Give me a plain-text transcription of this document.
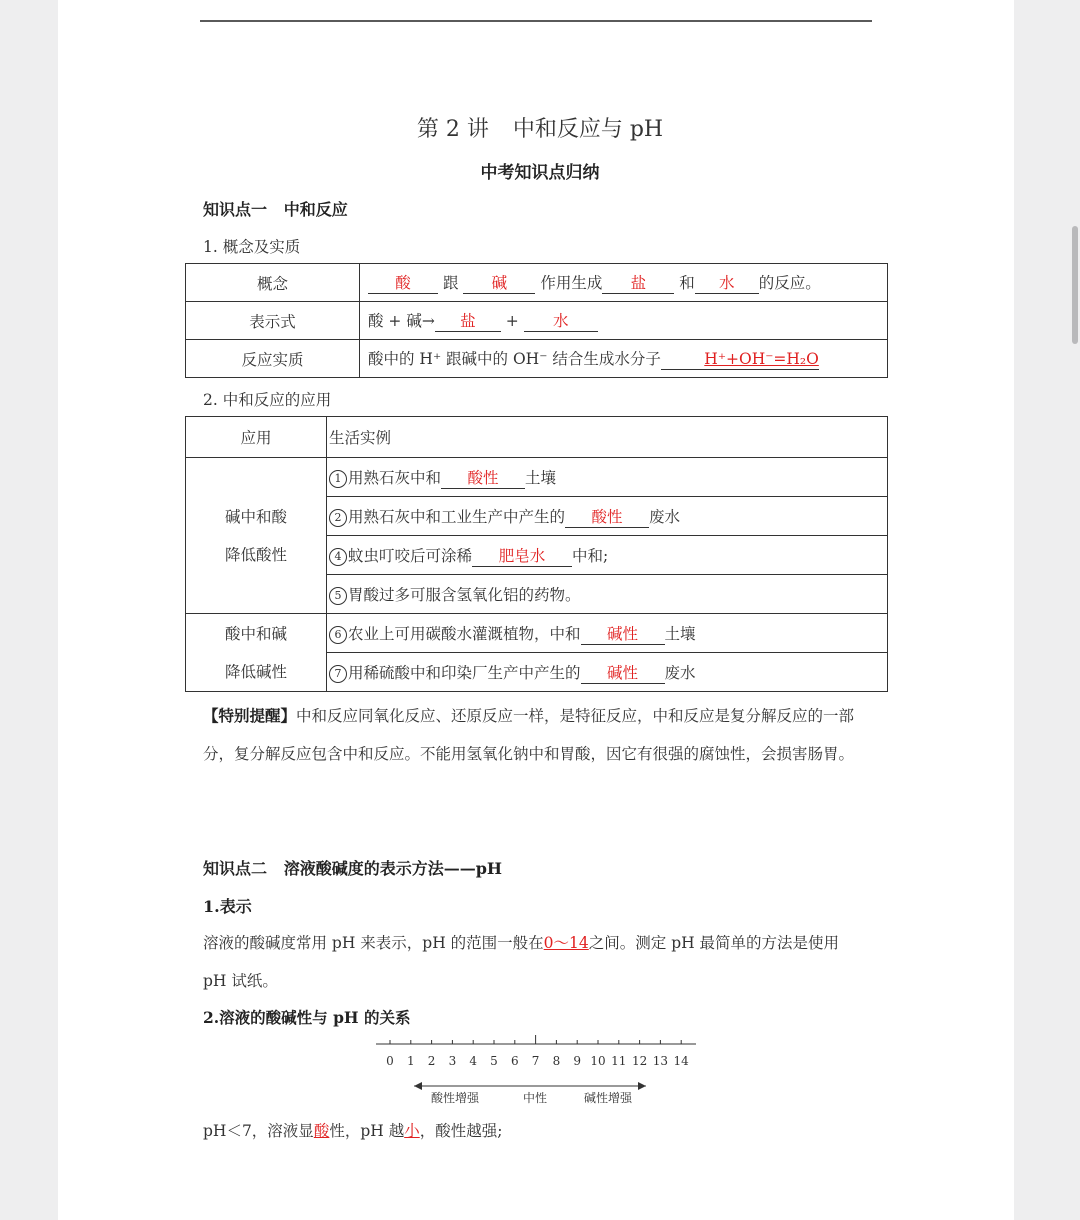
第 2 讲 中和反应与 pH
中考知识点归纳
知识点一 中和反应
1. 概念及实质
概念	酸 跟 碱 作用生成 盐 和 水 的反应。
表示式	酸 + 碱→ 盐 + 水
反应实质	酸中的 H⁺ 跟碱中的 OH⁻ 结合生成水分子 H⁺+OH⁻=H₂O
2. 中和反应的应用
应用	生活实例
碱中和酸
降低酸性	1 用熟石灰中和 酸性 土壤
	2 用熟石灰中和工业生产中产生的 酸性 废水
	4 蚊虫叮咬后可涂稀 肥皂水 中和;
	5 胃酸过多可服含氢氧化铝的药物。
酸中和碱
降低碱性	6 农业上可用碳酸水灌溉植物，中和 碱性 土壤
	7 用稀硫酸中和印染厂生产中产生的 碱性 废水
【特别提醒】中和反应同氧化反应、还原反应一样，是特征反应，中和反应是复分解反应的一部分，复分解反应包含中和反应。不能用氢氧化钠中和胃酸，因它有很强的腐蚀性，会损害肠胃。
知识点二 溶液酸碱度的表示方法——pH
1.表示
溶液的酸碱度常用 pH 来表示，pH 的范围一般在0～14之间。测定 pH 最简单的方法是使用
pH 试纸。
2.溶液的酸碱性与 pH 的关系
0 1 2 3 4 5 6 7 8 9 10 11 12 13 14
酸性增强	中性	碱性增强
pH＜7，溶液显酸性，pH 越小，酸性越强;
